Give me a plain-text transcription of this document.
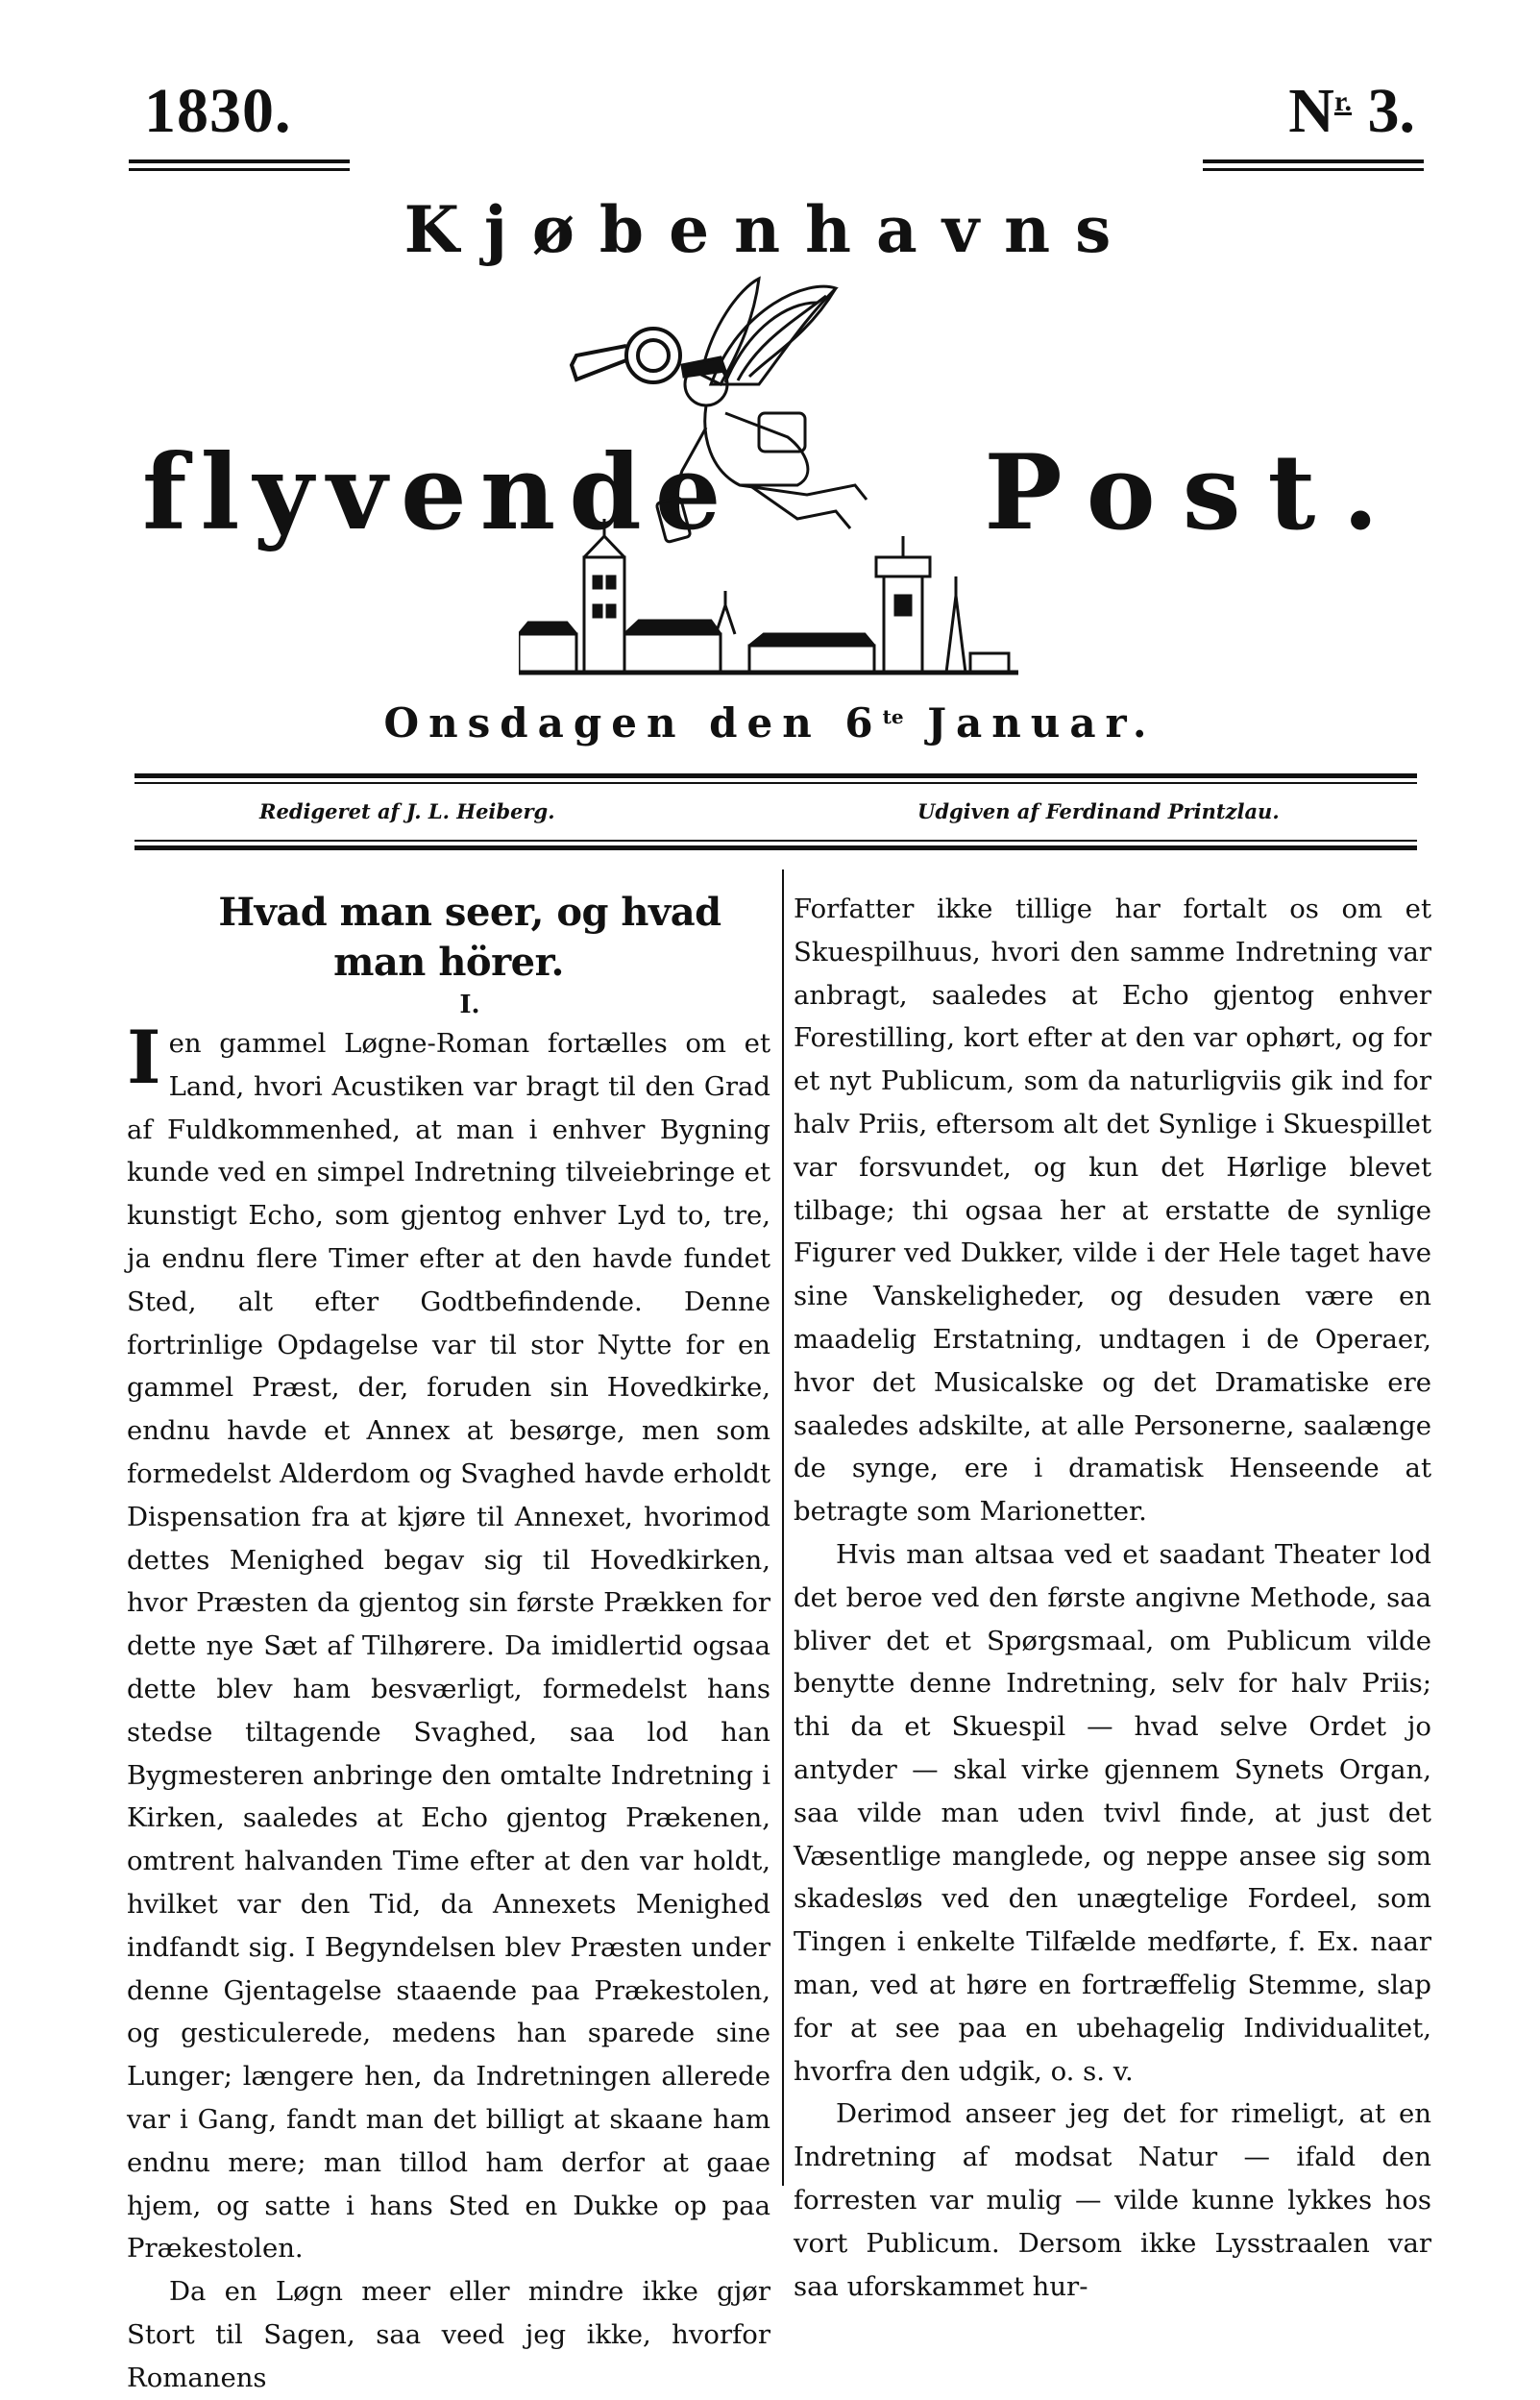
1830.	$N^{r.}$ 3.
Kjøbenhavns
flyvende Post.
Onsdagen den $6^{te}$ Januar.
Redigeret af J. L. Heiberg.	Udgiven af Ferdinand Printzlau.

Hvad man seer, og hvad man hörer.

I.

Ien gammel Løgne-Roman fortælles om et Land, hvori Acustiken var bragt til den Grad af Fuldkommenhed, at man i enhver Bygning kunde ved en simpel Indretning tilveiebringe et kunstigt Echo, som gjentog enhver Lyd to, tre, ja endnu flere Timer efter at den havde fundet Sted, alt efter Godtbefindende. Denne fortrinlige Opdagelse var til stor Nytte for en gammel Præst, der, foruden sin Hovedkirke, endnu havde et Annex at besørge, men som formedelst Alderdom og Svaghed havde erholdt Dispensation fra at kjøre til Annexet, hvorimod dettes Menighed begav sig til Hovedkirken, hvor Præsten da gjentog sin første Prækken for dette nye Sæt af Tilhørere. Da imidlertid ogsaa dette blev ham besværligt, formedelst hans stedse tiltagende Svaghed, saa lod han Bygmesteren anbringe den omtalte Indretning i Kirken, saaledes at Echo gjentog Prækenen, omtrent halvanden Time efter at den var holdt, hvilket var den Tid, da Annexets Menighed indfandt sig. I Begyndelsen blev Præsten under denne Gjentagelse staaende paa Prækestolen, og gesticulerede, medens han sparede sine Lunger; længere hen, da Indretningen allerede var i Gang, fandt man det billigt at skaane ham endnu mere; man tillod ham derfor at gaae hjem, og satte i hans Sted en Dukke op paa Prækestolen.

Da en Løgn meer eller mindre ikke gjør Stort til Sagen, saa veed jeg ikke, hvorfor Romanens

Forfatter ikke tillige har fortalt os om et Skuespilhuus, hvori den samme Indretning var anbragt, saaledes at Echo gjentog enhver Forestilling, kort efter at den var ophørt, og for et nyt Publicum, som da naturligviis gik ind for halv Priis, eftersom alt det Synlige i Skuespillet var forsvundet, og kun det Hørlige blevet tilbage; thi ogsaa her at erstatte de synlige Figurer ved Dukker, vilde i der Hele taget have sine Vanskeligheder, og desuden være en maadelig Erstatning, undtagen i de Operaer, hvor det Musicalske og det Dramatiske ere saaledes adskilte, at alle Personerne, saalænge de synge, ere i dramatisk Henseende at betragte som Marionetter.

Hvis man altsaa ved et saadant Theater lod det beroe ved den første angivne Methode, saa bliver det et Spørgsmaal, om Publicum vilde benytte denne Indretning, selv for halv Priis; thi da et Skuespil — hvad selve Ordet jo antyder — skal virke gjennem Synets Organ, saa vilde man uden tvivl finde, at just det Væsentlige manglede, og neppe ansee sig som skadesløs ved den unægtelige Fordeel, som Tingen i enkelte Tilfælde medførte, f. Ex. naar man, ved at høre en fortræffelig Stemme, slap for at see paa en ubehagelig Individualitet, hvorfra den udgik, o. s. v.

Derimod anseer jeg det for rimeligt, at en Indretning af modsat Natur — ifald den forresten var mulig — vilde kunne lykkes hos vort Publicum. Dersom ikke Lysstraalen var saa uforskammet hur-
